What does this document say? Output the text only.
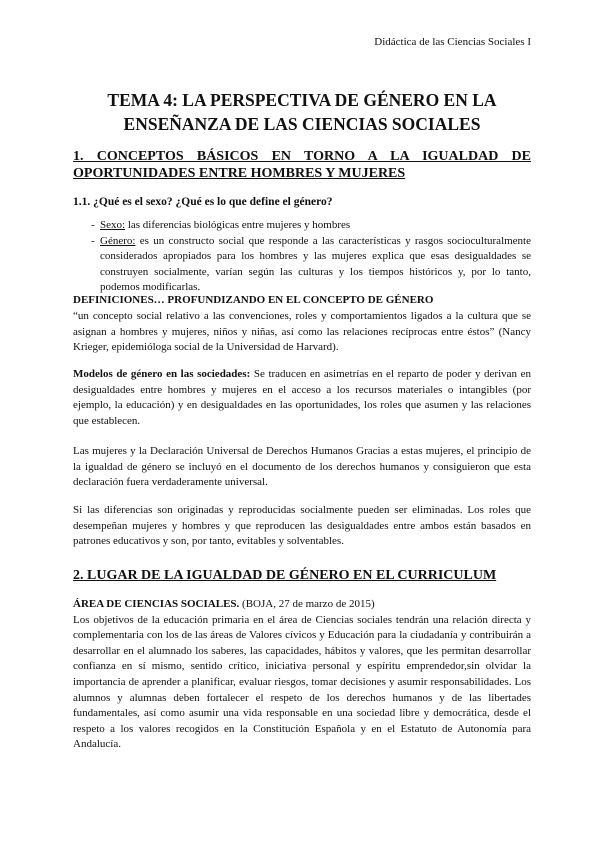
Didáctica de las Ciencias Sociales I
TEMA 4: LA PERSPECTIVA DE GÉNERO EN LA ENSEÑANZA DE LAS CIENCIAS SOCIALES
1. CONCEPTOS BÁSICOS EN TORNO A LA IGUALDAD DE OPORTUNIDADES ENTRE HOMBRES Y MUJERES
1.1. ¿Qué es el sexo? ¿Qué es lo que define el género?
- Sexo: las diferencias biológicas entre mujeres y hombres
- Género: es un constructo social que responde a las características y rasgos socioculturalmente considerados apropiados para los hombres y las mujeres explica que esas desigualdades se construyen socialmente, varían según las culturas y los tiempos históricos y, por lo tanto, podemos modificarlas.
DEFINICIONES… PROFUNDIZANDO EN EL CONCEPTO DE GÉNERO

“un concepto social relativo a las convenciones, roles y comportamientos ligados a la cultura que se asignan a hombres y mujeres, niños y niñas, así como las relaciones recíprocas entre éstos” (Nancy Krieger, epidemióloga social de la Universidad de Harvard).

Modelos de género en las sociedades: Se traducen en asimetrías en el reparto de poder y derivan en desigualdades entre hombres y mujeres en el acceso a los recursos materiales o intangibles (por ejemplo, la educación) y en desigualdades en las oportunidades, los roles que asumen y las relaciones que establecen.

Las mujeres y la Declaración Universal de Derechos Humanos Gracias a estas mujeres, el principio de la igualdad de género se incluyó en el documento de los derechos humanos y consiguieron que esta declaración fuera verdaderamente universal.

Si las diferencias son originadas y reproducidas socialmente pueden ser eliminadas. Los roles que desempeñan mujeres y hombres y que reproducen las desigualdades entre ambos están basados en patrones educativos y son, por tanto, evitables y solventables.

2. LUGAR DE LA IGUALDAD DE GÉNERO EN EL CURRICULUM

ÁREA DE CIENCIAS SOCIALES. (BOJA, 27 de marzo de 2015)
Los objetivos de la educación primaria en el área de Ciencias sociales tendrán una relación directa y complementaria con los de las áreas de Valores cívicos y Educación para la ciudadanía y contribuirán a desarrollar en el alumnado los saberes, las capacidades, hábitos y valores, que les permitan desarrollar confianza en sí mismo, sentido crítico, iniciativa personal y espíritu emprendedor,sin olvidar la importancia de aprender a planificar, evaluar riesgos, tomar decisiones y asumir responsabilidades. Los alumnos y alumnas deben fortalecer el respeto de los derechos humanos y de las libertades fundamentales, así como asumir una vida responsable en una sociedad libre y democrática, desde el respeto a los valores recogidos en la Constitución Española y en el Estatuto de Autonomía para Andalucía.
